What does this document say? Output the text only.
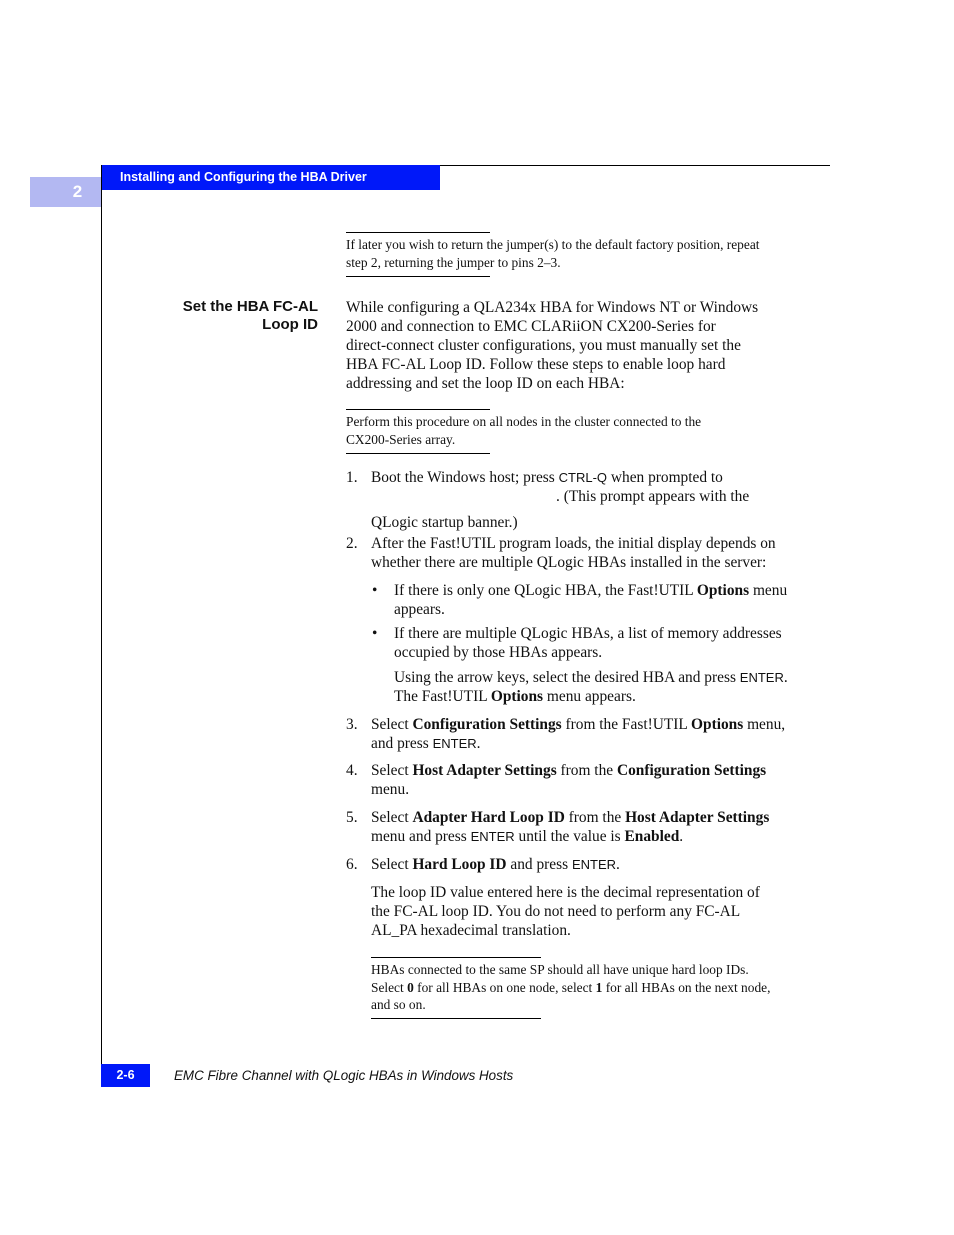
2
Installing and Configuring the HBA Driver
If later you wish to return the jumper(s) to the default factory position, repeat
step 2, returning the jumper to pins 2–3.
Set the HBA FC-AL
Loop ID
While configuring a QLA234x HBA for Windows NT or Windows
2000 and connection to EMC CLARiiON CX200-Series for
direct-connect cluster configurations, you must manually set the
HBA FC-AL Loop ID. Follow these steps to enable loop hard
addressing and set the loop ID on each HBA:
Perform this procedure on all nodes in the cluster connected to the
CX200-Series array.
1. Boot the Windows host; press CTRL-Q when prompted to
. (This prompt appears with the
QLogic startup banner.)
2. After the Fast!UTIL program loads, the initial display depends on
whether there are multiple QLogic HBAs installed in the server:
• If there is only one QLogic HBA, the Fast!UTIL Options menu
appears.
• If there are multiple QLogic HBAs, a list of memory addresses
occupied by those HBAs appears.
Using the arrow keys, select the desired HBA and press ENTER.
The Fast!UTIL Options menu appears.
3. Select Configuration Settings from the Fast!UTIL Options menu,
and press ENTER.
4. Select Host Adapter Settings from the Configuration Settings
menu.
5. Select Adapter Hard Loop ID from the Host Adapter Settings
menu and press ENTER until the value is Enabled.
6. Select Hard Loop ID and press ENTER.
The loop ID value entered here is the decimal representation of
the FC-AL loop ID. You do not need to perform any FC-AL
AL_PA hexadecimal translation.
HBAs connected to the same SP should all have unique hard loop IDs.
Select 0 for all HBAs on one node, select 1 for all HBAs on the next node,
and so on.
2-6	EMC Fibre Channel with QLogic HBAs in Windows Hosts
